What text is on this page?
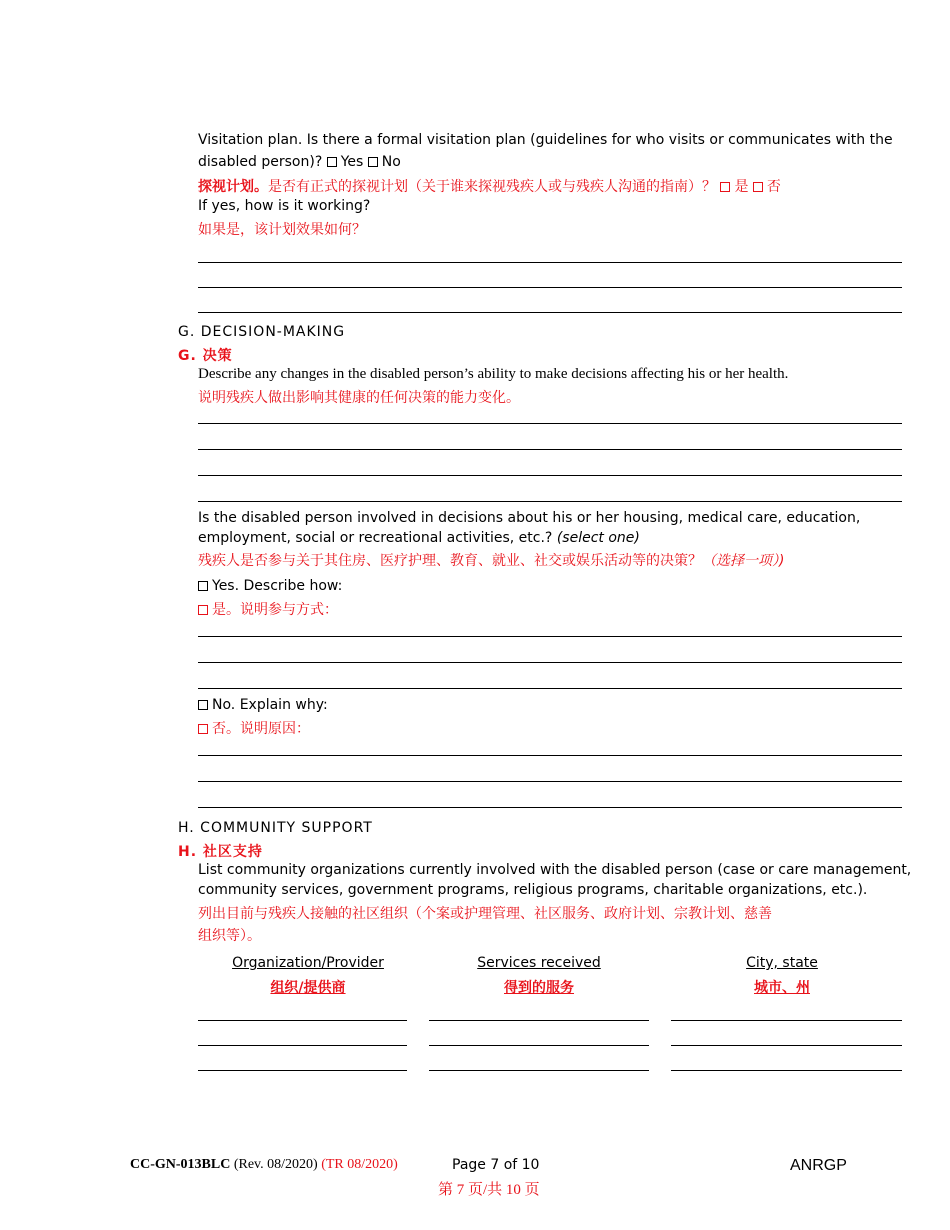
Visitation plan. Is there a formal visitation plan (guidelines for who visits or communicates with the
disabled person)? Yes No
探视计划。是否有正式的探视计划（关于谁来探视残疾人或与残疾人沟通的指南）？ 是 否
If yes, how is it working?
如果是，该计划效果如何？
G. DECISION-MAKING
G. 决策
Describe any changes in the disabled person’s ability to make decisions affecting his or her health.
说明残疾人做出影响其健康的任何决策的能力变化。
Is the disabled person involved in decisions about his or her housing, medical care, education,
employment, social or recreational activities, etc.? (select one)
残疾人是否参与关于其住房、医疗护理、教育、就业、社交或娱乐活动等的决策？（选择一项）)
Yes. Describe how:
是。说明参与方式：
No. Explain why:
否。说明原因：
H. COMMUNITY SUPPORT
H. 社区支持
List community organizations currently involved with the disabled person (case or care management,
community services, government programs, religious programs, charitable organizations, etc.).
列出目前与残疾人接触的社区组织（个案或护理管理、社区服务、政府计划、宗教计划、慈善
组织等）。
Organization/Provider
组织/提供商
Services received
得到的服务
City, state
城市、州
CC-GN-013BLC (Rev. 08/2020) (TR 08/2020)	Page 7 of 10
第 7 页/共 10 页
ANRGP
